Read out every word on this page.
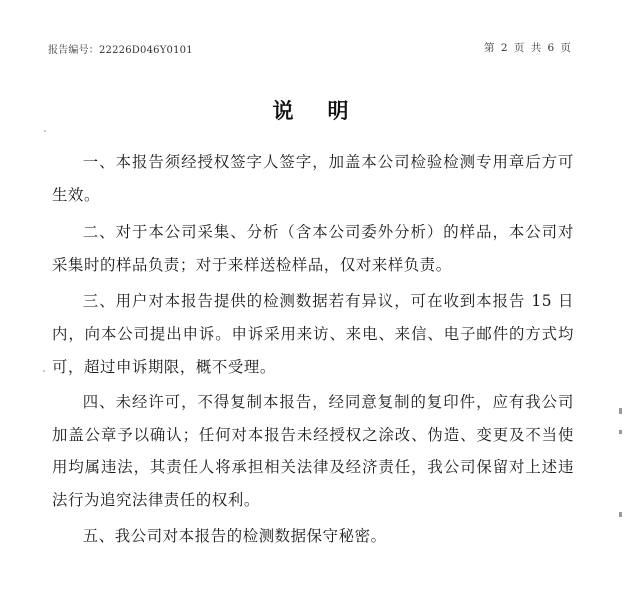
报告编号：22226D046Y0101	第 2 页 共 6 页
说明

一、本报告须经授权签字人签字，加盖本公司检验检测专用章后方可生效。

二、对于本公司采集、分析（含本公司委外分析）的样品，本公司对采集时的样品负责；对于来样送检样品，仅对来样负责。

三、用户对本报告提供的检测数据若有异议，可在收到本报告 15 日内，向本公司提出申诉。申诉采用来访、来电、来信、电子邮件的方式均可，超过申诉期限，概不受理。

四、未经许可，不得复制本报告，经同意复制的复印件，应有我公司加盖公章予以确认；任何对本报告未经授权之涂改、伪造、变更及不当使用均属违法，其责任人将承担相关法律及经济责任，我公司保留对上述违法行为追究法律责任的权利。

五、我公司对本报告的检测数据保守秘密。
